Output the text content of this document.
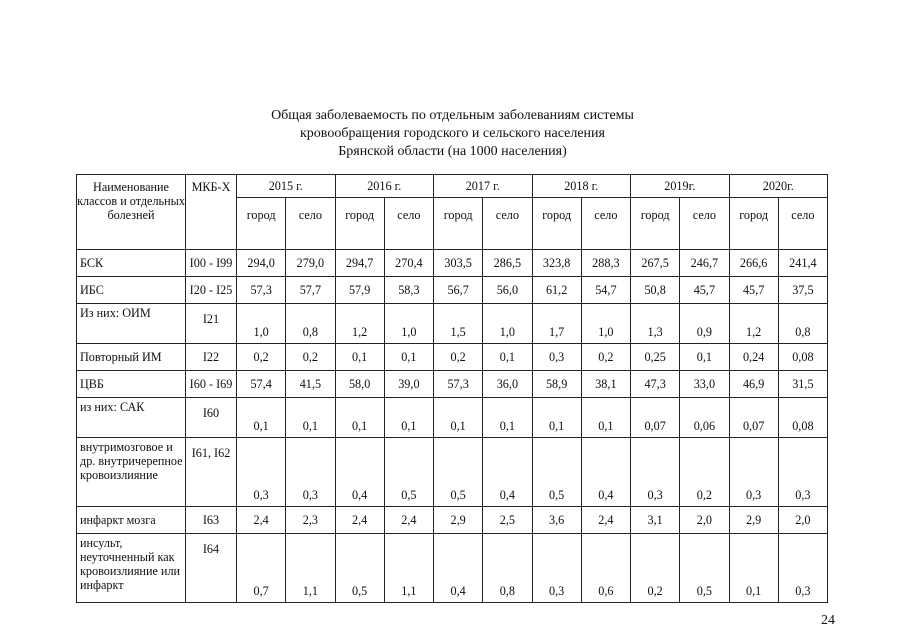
Общая заболеваемость по отдельным заболеваниям системы
кровообращения городского и сельского населения
Брянской области (на 1000 населения)
Наименование классов и отдельных болезней	МКБ-Х	2015 г.		2016 г.		2017 г.		2018 г.		2019г.		2020г.	
		город	село	город	село	город	село	город	село	город	село	город	село
БСК	I00 - I99	294,0	279,0	294,7	270,4	303,5	286,5	323,8	288,3	267,5	246,7	266,6	241,4
ИБС	I20 - I25	57,3	57,7	57,9	58,3	56,7	56,0	61,2	54,7	50,8	45,7	45,7	37,5
Из них: ОИМ	I21	1,0	0,8	1,2	1,0	1,5	1,0	1,7	1,0	1,3	0,9	1,2	0,8
Повторный ИМ	I22	0,2	0,2	0,1	0,1	0,2	0,1	0,3	0,2	0,25	0,1	0,24	0,08
ЦВБ	I60 - I69	57,4	41,5	58,0	39,0	57,3	36,0	58,9	38,1	47,3	33,0	46,9	31,5
из них: САК	I60	0,1	0,1	0,1	0,1	0,1	0,1	0,1	0,1	0,07	0,06	0,07	0,08
внутримозговое и др. внутричерепное кровоизлияние	I61, I62	0,3	0,3	0,4	0,5	0,5	0,4	0,5	0,4	0,3	0,2	0,3	0,3
инфаркт мозга	I63	2,4	2,3	2,4	2,4	2,9	2,5	3,6	2,4	3,1	2,0	2,9	2,0
инсульт, неуточненный как кровоизлияние или инфаркт	I64	0,7	1,1	0,5	1,1	0,4	0,8	0,3	0,6	0,2	0,5	0,1	0,3
24
